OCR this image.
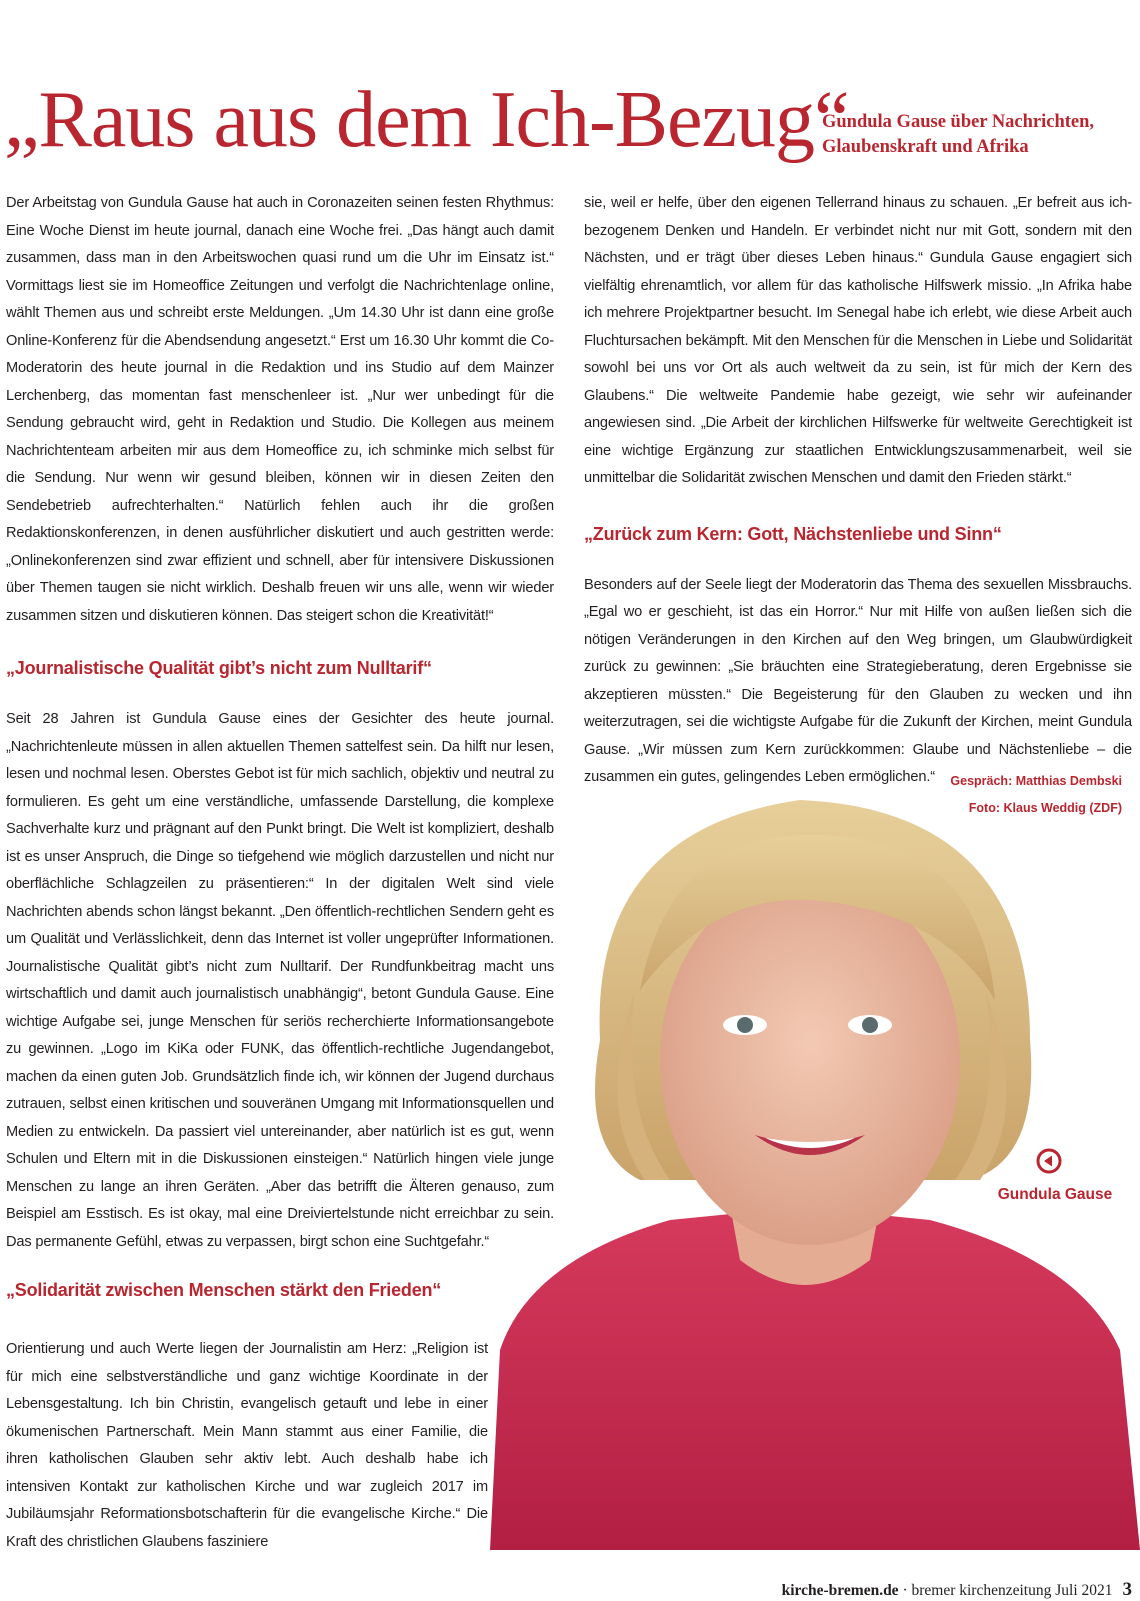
„Raus aus dem Ich-Bezug“
Gundula Gause über Nachrichten,
Glaubenskraft und Afrika

Der Arbeitstag von Gundula Gause hat auch in Coronazeiten seinen festen Rhythmus: Eine Woche Dienst im heute journal, danach eine Woche frei. „Das hängt auch damit zusammen, dass man in den Arbeitswochen quasi rund um die Uhr im Einsatz ist.“ Vormittags liest sie im Homeoffice Zeitungen und verfolgt die Nachrichtenlage online, wählt Themen aus und schreibt erste Meldungen. „Um 14.30 Uhr ist dann eine große Online-Konferenz für die Abendsendung angesetzt.“ Erst um 16.30 Uhr kommt die Co-Moderatorin des heute journal in die Redaktion und ins Studio auf dem Mainzer Lerchenberg, das momentan fast menschenleer ist. „Nur wer unbedingt für die Sendung gebraucht wird, geht in Redaktion und Studio. Die Kollegen aus meinem Nachrichtenteam arbeiten mir aus dem Homeoffice zu, ich schminke mich selbst für die Sendung. Nur wenn wir gesund bleiben, können wir in diesen Zeiten den Sendebetrieb aufrechterhalten.“ Natürlich fehlen auch ihr die großen Redaktionskonferenzen, in denen ausführlicher diskutiert und auch gestritten werde: „Onlinekonferenzen sind zwar effizient und schnell, aber für intensivere Diskussionen über Themen taugen sie nicht wirklich. Deshalb freuen wir uns alle, wenn wir wieder zusammen sitzen und diskutieren können. Das steigert schon die Kreativität!“

„Journalistische Qualität gibt’s nicht zum Nulltarif“

Seit 28 Jahren ist Gundula Gause eines der Gesichter des heute journal. „Nachrichtenleute müssen in allen aktuellen Themen sattelfest sein. Da hilft nur lesen, lesen und nochmal lesen. Oberstes Gebot ist für mich sachlich, objektiv und neutral zu formulieren. Es geht um eine verständliche, umfassende Darstellung, die komplexe Sachverhalte kurz und prägnant auf den Punkt bringt. Die Welt ist kompliziert, deshalb ist es unser Anspruch, die Dinge so tiefgehend wie möglich darzustellen und nicht nur oberflächliche Schlagzeilen zu präsentieren:“ In der digitalen Welt sind viele Nachrichten abends schon längst bekannt. „Den öffentlich-rechtlichen Sendern geht es um Qualität und Verlässlichkeit, denn das Internet ist voller ungeprüfter Informationen. Journalistische Qualität gibt’s nicht zum Nulltarif. Der Rundfunkbeitrag macht uns wirtschaftlich und damit auch journalistisch unabhängig“, betont Gundula Gause. Eine wichtige Aufgabe sei, junge Menschen für seriös recherchierte Informationsangebote zu gewinnen. „Logo im KiKa oder FUNK, das öffentlich-rechtliche Jugendangebot, machen da einen guten Job. Grundsätzlich finde ich, wir können der Jugend durchaus zutrauen, selbst einen kritischen und souveränen Umgang mit Informationsquellen und Medien zu entwickeln. Da passiert viel untereinander, aber natürlich ist es gut, wenn Schulen und Eltern mit in die Diskussionen einsteigen.“ Natürlich hingen viele junge Menschen zu lange an ihren Geräten. „Aber das betrifft die Älteren genauso, zum Beispiel am Esstisch. Es ist okay, mal eine Dreiviertelstunde nicht erreichbar zu sein. Das permanente Gefühl, etwas zu verpassen, birgt schon eine Suchtgefahr.“

„Solidarität zwischen Menschen stärkt den Frieden“

Orientierung und auch Werte liegen der Journalistin am Herz: „Religion ist für mich eine selbstverständliche und ganz wichtige Koordinate in der Lebensgestaltung. Ich bin Christin, evangelisch getauft und lebe in einer ökumenischen Partnerschaft. Mein Mann stammt aus einer Familie, die ihren katholischen Glauben sehr aktiv lebt. Auch deshalb habe ich intensiven Kontakt zur katholischen Kirche und war zugleich 2017 im Jubiläumsjahr Reformationsbotschafterin für die evangelische Kirche.“ Die Kraft des christlichen Glaubens fasziniere

sie, weil er helfe, über den eigenen Tellerrand hinaus zu schauen. „Er befreit aus ich-bezogenem Denken und Handeln. Er verbindet nicht nur mit Gott, sondern mit den Nächsten, und er trägt über dieses Leben hinaus.“ Gundula Gause engagiert sich vielfältig ehrenamtlich, vor allem für das katholische Hilfswerk missio. „In Afrika habe ich mehrere Projektpartner besucht. Im Senegal habe ich erlebt, wie diese Arbeit auch Fluchtursachen bekämpft. Mit den Menschen für die Menschen in Liebe und Solidarität sowohl bei uns vor Ort als auch weltweit da zu sein, ist für mich der Kern des Glaubens.“ Die weltweite Pandemie habe gezeigt, wie sehr wir aufeinander angewiesen sind. „Die Arbeit der kirchlichen Hilfswerke für weltweite Gerechtigkeit ist eine wichtige Ergänzung zur staatlichen Entwicklungszusammenarbeit, weil sie unmittelbar die Solidarität zwischen Menschen und damit den Frieden stärkt.“

„Zurück zum Kern: Gott, Nächstenliebe und Sinn“

Besonders auf der Seele liegt der Moderatorin das Thema des sexuellen Missbrauchs. „Egal wo er geschieht, ist das ein Horror.“ Nur mit Hilfe von außen ließen sich die nötigen Veränderungen in den Kirchen auf den Weg bringen, um Glaubwürdigkeit zurück zu gewinnen: „Sie bräuchten eine Strategieberatung, deren Ergebnisse sie akzeptieren müssten.“ Die Begeisterung für den Glauben zu wecken und ihn weiterzutragen, sei die wichtigste Aufgabe für die Zukunft der Kirchen, meint Gundula Gause. „Wir müssen zum Kern zurückkommen: Glaube und Nächstenliebe – die zusammen ein gutes, gelingendes Leben ermöglichen.“	Gespräch: Matthias Dembski
Foto: Klaus Weddig (ZDF)
Gundula Gause
kirche-bremen.de · bremer kirchenzeitung Juli 2021 3
